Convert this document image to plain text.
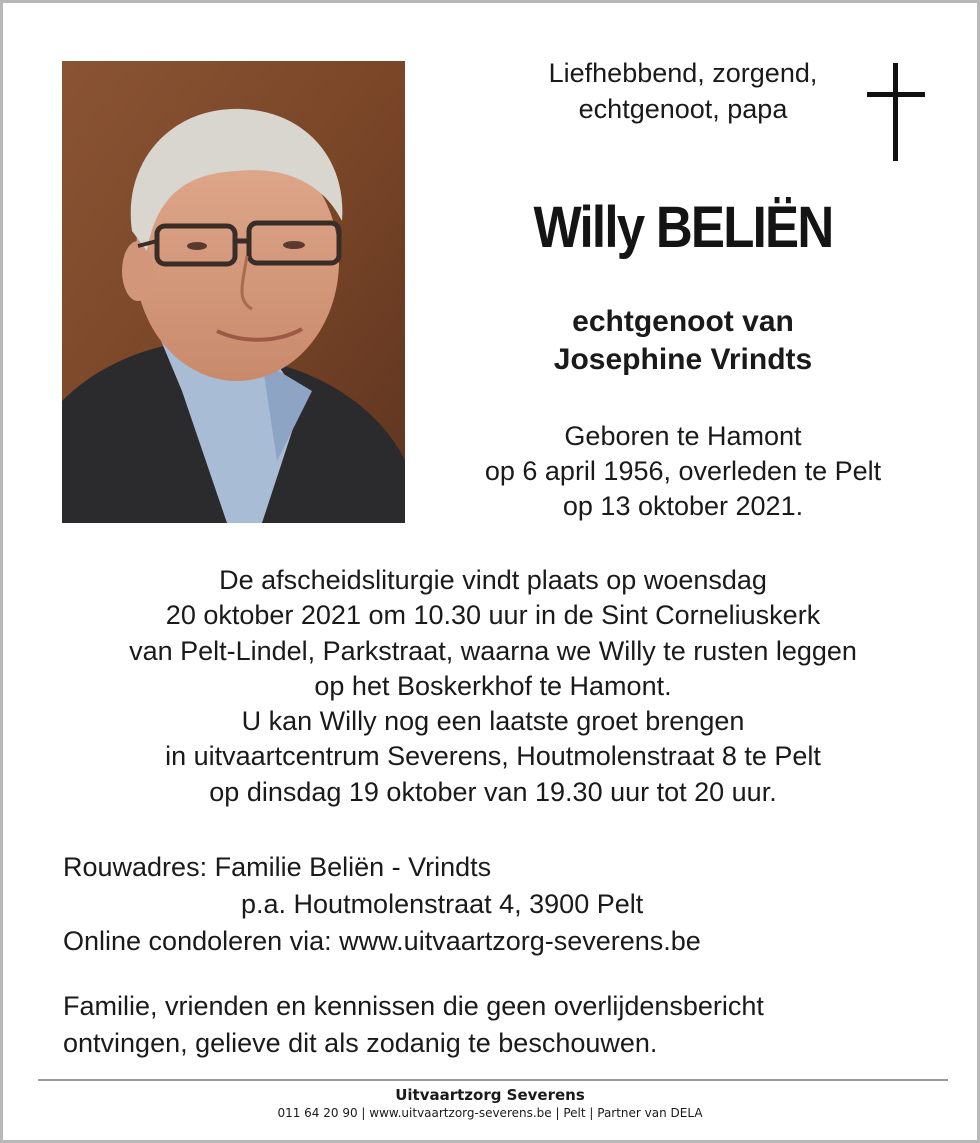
Liefhebbend, zorgend,
echtgenoot, papa
Willy BELIËN
echtgenoot van
Josephine Vrindts
Geboren te Hamont
op 6 april 1956, overleden te Pelt
op 13 oktober 2021.
De afscheidsliturgie vindt plaats op woensdag
20 oktober 2021 om 10.30 uur in de Sint Corneliuskerk
van Pelt-Lindel, Parkstraat, waarna we Willy te rusten leggen
op het Boskerkhof te Hamont.
U kan Willy nog een laatste groet brengen
in uitvaartcentrum Severens, Houtmolenstraat 8 te Pelt
op dinsdag 19 oktober van 19.30 uur tot 20 uur.
Rouwadres: Familie Beliën - Vrindts
p.a. Houtmolenstraat 4, 3900 Pelt
Online condoleren via: www.uitvaartzorg-severens.be
Familie, vrienden en kennissen die geen overlijdensbericht
ontvingen, gelieve dit als zodanig te beschouwen.
Uitvaartzorg Severens
011 64 20 90 | www.uitvaartzorg-severens.be | Pelt | Partner van DELA
